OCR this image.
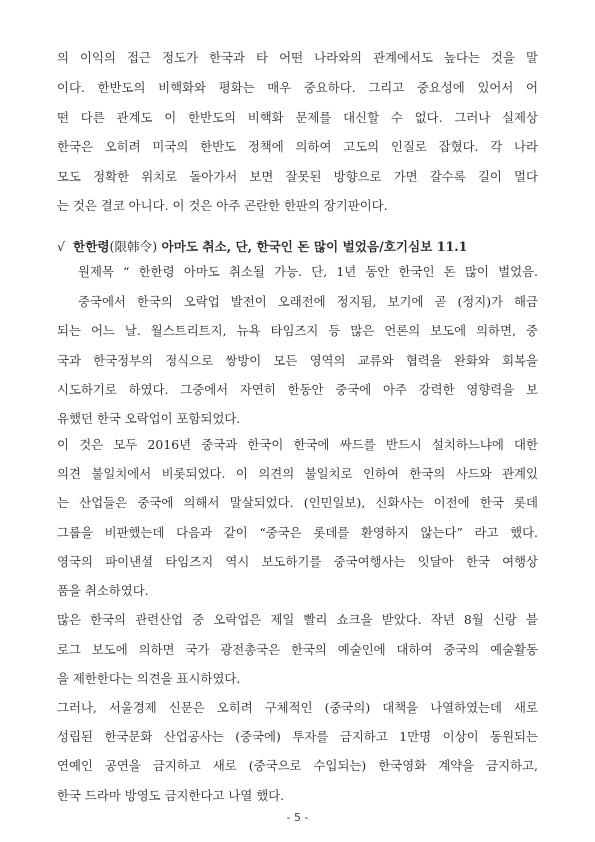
의 이익의 접근 정도가 한국과 타 어떤 나라와의 관계에서도 높다는 것을 말
이다. 한반도의 비핵화와 평화는 매우 중요하다. 그리고 중요성에 있어서 어
떤 다른 관계도 이 한반도의 비핵화 문제를 대신할 수 없다. 그러나 실제상
한국은 오히려 미국의 한반도 정책에 의하여 고도의 인질로 잡혔다. 각 나라
모도 정확한 위치로 돌아가서 보면 잘못된 방향으로 가면 갈수록 길이 멀다
는 것은 결코 아니다. 이 것은 아주 곤란한 한판의 장기판이다.
√ 한한령(限韩令) 아마도 취소, 단, 한국인 돈 많이 벌었음/호기심보 11.1
원제목 “ 한한령 아마도 취소될 가능. 단, 1년 동안 한국인 돈 많이 벌었음.
중국에서 한국의 오락업 발전이 오래전에 정지됨, 보기에 곧 (정지)가 해금
되는 어느 날. 월스트리트지, 뉴욕 타임즈지 등 많은 언론의 보도에 의하면, 중
국과 한국정부의 정식으로 쌍방이 모든 영역의 교류와 협력을 완화와 회복을
시도하기로 하였다. 그중에서 자연히 한동안 중국에 아주 강력한 영향력을 보
유했던 한국 오락업이 포함되었다.
이 것은 모두 2016년 중국과 한국이 한국에 싸드를 반드시 설치하느냐에 대한
의견 불일치에서 비롯되었다. 이 의견의 불일치로 인하여 한국의 사드와 관계있
는 산업들은 중국에 의해서 말살되었다. (인민일보), 신화사는 이전에 한국 롯데
그룹을 비판했는데 다음과 같이 “중국은 롯데를 환영하지 않는다” 라고 했다.
영국의 파이낸셜 타임즈지 역시 보도하기를 중국여행사는 잇달아 한국 여행상
품을 취소하였다.
많은 한국의 관련산업 중 오락업은 제일 빨리 쇼크을 받았다. 작년 8월 신랑 블
로그 보도에 의하면 국가 광전총국은 한국의 예술인에 대하여 중국의 예술활동
을 제한한다는 의견을 표시하였다.
그러나, 서울경제 신문은 오히려 구체적인 (중국의) 대책을 나열하였는데 새로
성립된 한국문화 산업공사는 (중국에) 투자를 금지하고 1만명 이상이 동원되는
연예인 공연을 금지하고 새로 (중국으로 수입되는) 한국영화 계약을 금지하고,
한국 드라마 방영도 금지한다고 나열 했다.
- 5 -
